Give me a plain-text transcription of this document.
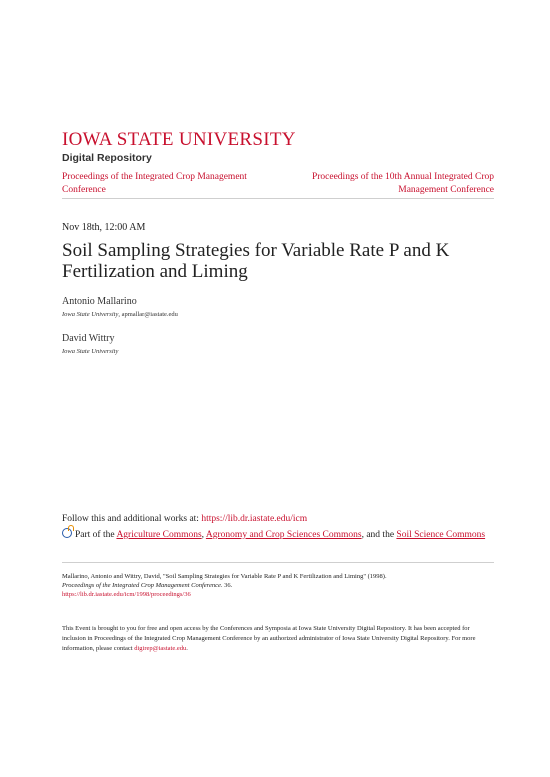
IOWA STATE UNIVERSITY
Digital Repository
Proceedings of the Integrated Crop Management Conference
Proceedings of the 10th Annual Integrated Crop Management Conference
Nov 18th, 12:00 AM
Soil Sampling Strategies for Variable Rate P and K Fertilization and Liming
Antonio Mallarino
Iowa State University, apmallar@iastate.edu
David Wittry
Iowa State University
Follow this and additional works at: https://lib.dr.iastate.edu/icm
Part of the Agriculture Commons, Agronomy and Crop Sciences Commons, and the Soil Science Commons
Mallarino, Antonio and Wittry, David, "Soil Sampling Strategies for Variable Rate P and K Fertilization and Liming" (1998).
Proceedings of the Integrated Crop Management Conference. 36.
https://lib.dr.iastate.edu/icm/1998/proceedings/36
This Event is brought to you for free and open access by the Conferences and Symposia at Iowa State University Digital Repository. It has been accepted for inclusion in Proceedings of the Integrated Crop Management Conference by an authorized administrator of Iowa State University Digital Repository. For more information, please contact digirep@iastate.edu.
